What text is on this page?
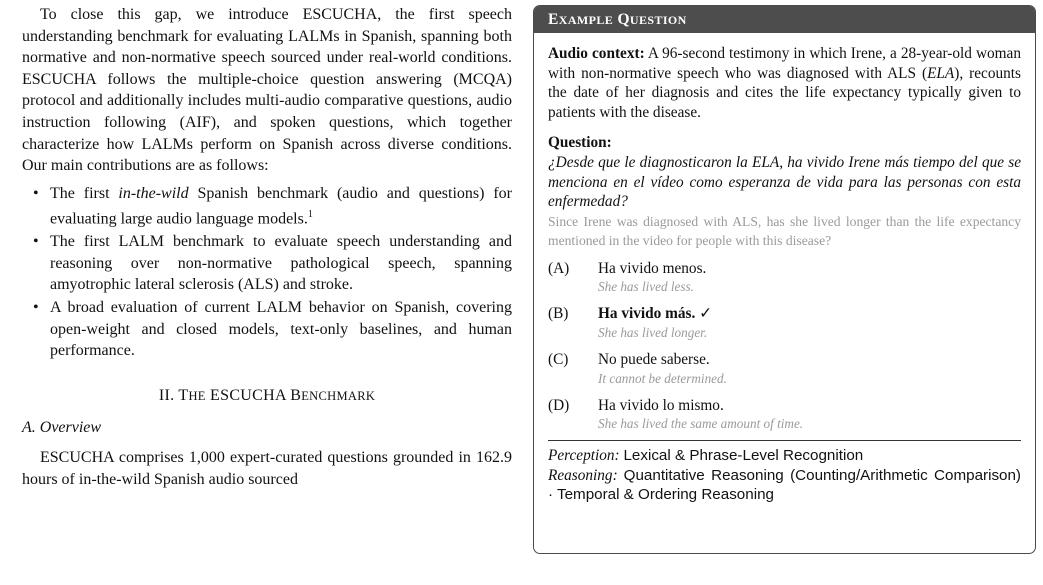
To close this gap, we introduce ESCUCHA, the first speech understanding benchmark for evaluating LALMs in Spanish, spanning both normative and non-normative speech sourced under real-world conditions. ESCUCHA follows the multiple-choice question answering (MCQA) protocol and additionally includes multi-audio comparative questions, audio instruction following (AIF), and spoken questions, which together characterize how LALMs perform on Spanish across diverse conditions. Our main contributions are as follows:

• The first in-the-wild Spanish benchmark (audio and questions) for evaluating large audio language models.$^1$
• The first LALM benchmark to evaluate speech understanding and reasoning over non-normative pathological speech, spanning amyotrophic lateral sclerosis (ALS) and stroke.
• A broad evaluation of current LALM behavior on Spanish, covering open-weight and closed models, text-only baselines, and human performance.
II. THE ESCUCHA BENCHMARK
A. Overview

ESCUCHA comprises 1,000 expert-curated questions grounded in 162.9 hours of in-the-wild Spanish audio sourced

EXAMPLE QUESTION
Audio context: A 96-second testimony in which Irene, a 28-year-old woman with non-normative speech who was diagnosed with ALS (ELA), recounts the date of her diagnosis and cites the life expectancy typically given to patients with the disease.
Question:
¿Desde que le diagnosticaron la ELA, ha vivido Irene más tiempo del que se menciona en el vídeo como esperanza de vida para las personas con esta enfermedad?
Since Irene was diagnosed with ALS, has she lived longer than the life expectancy mentioned in the video for people with this disease?
(A) Ha vivido menos.
She has lived less.
(B) Ha vivido más. ✓
She has lived longer.
(C) No puede saberse.
It cannot be determined.
(D) Ha vivido lo mismo.
She has lived the same amount of time.
Perception: Lexical & Phrase-Level Recognition
Reasoning: Quantitative Reasoning (Counting/Arithmetic Comparison) · Temporal & Ordering Reasoning
